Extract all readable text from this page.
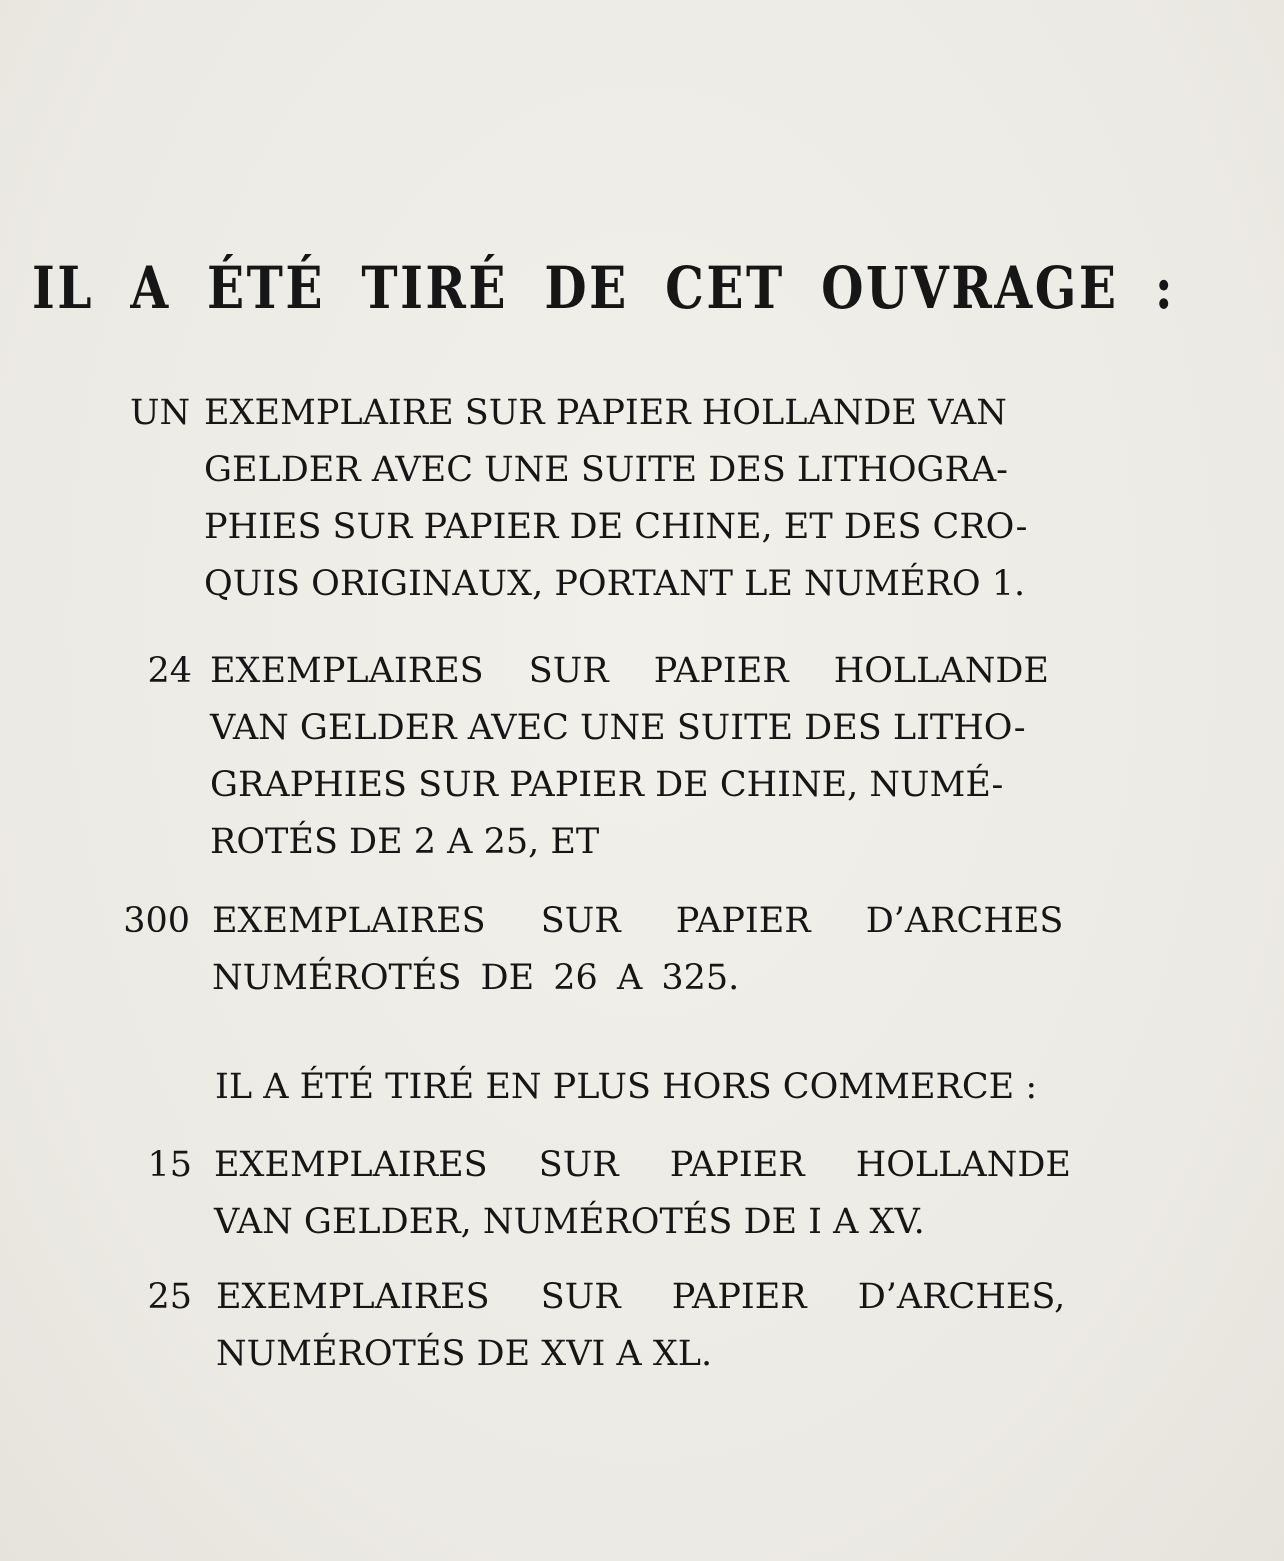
IL A ÉTÉ TIRÉ DE CET OUVRAGE :
UN EXEMPLAIRE SUR PAPIER HOLLANDE VAN
GELDER AVEC UNE SUITE DES LITHOGRA-
PHIES SUR PAPIER DE CHINE, ET DES CRO-
QUIS ORIGINAUX, PORTANT LE NUMÉRO 1.
24 EXEMPLAIRES SUR PAPIER HOLLANDE
VAN GELDER AVEC UNE SUITE DES LITHO-
GRAPHIES SUR PAPIER DE CHINE, NUMÉ-
ROTÉS DE 2 A 25, ET
300 EXEMPLAIRES SUR PAPIER D’ARCHES
NUMÉROTÉS DE 26 A 325.
IL A ÉTÉ TIRÉ EN PLUS HORS COMMERCE :
15 EXEMPLAIRES SUR PAPIER HOLLANDE
VAN GELDER, NUMÉROTÉS DE I A XV.
25 EXEMPLAIRES SUR PAPIER D’ARCHES,
NUMÉROTÉS DE XVI A XL.
